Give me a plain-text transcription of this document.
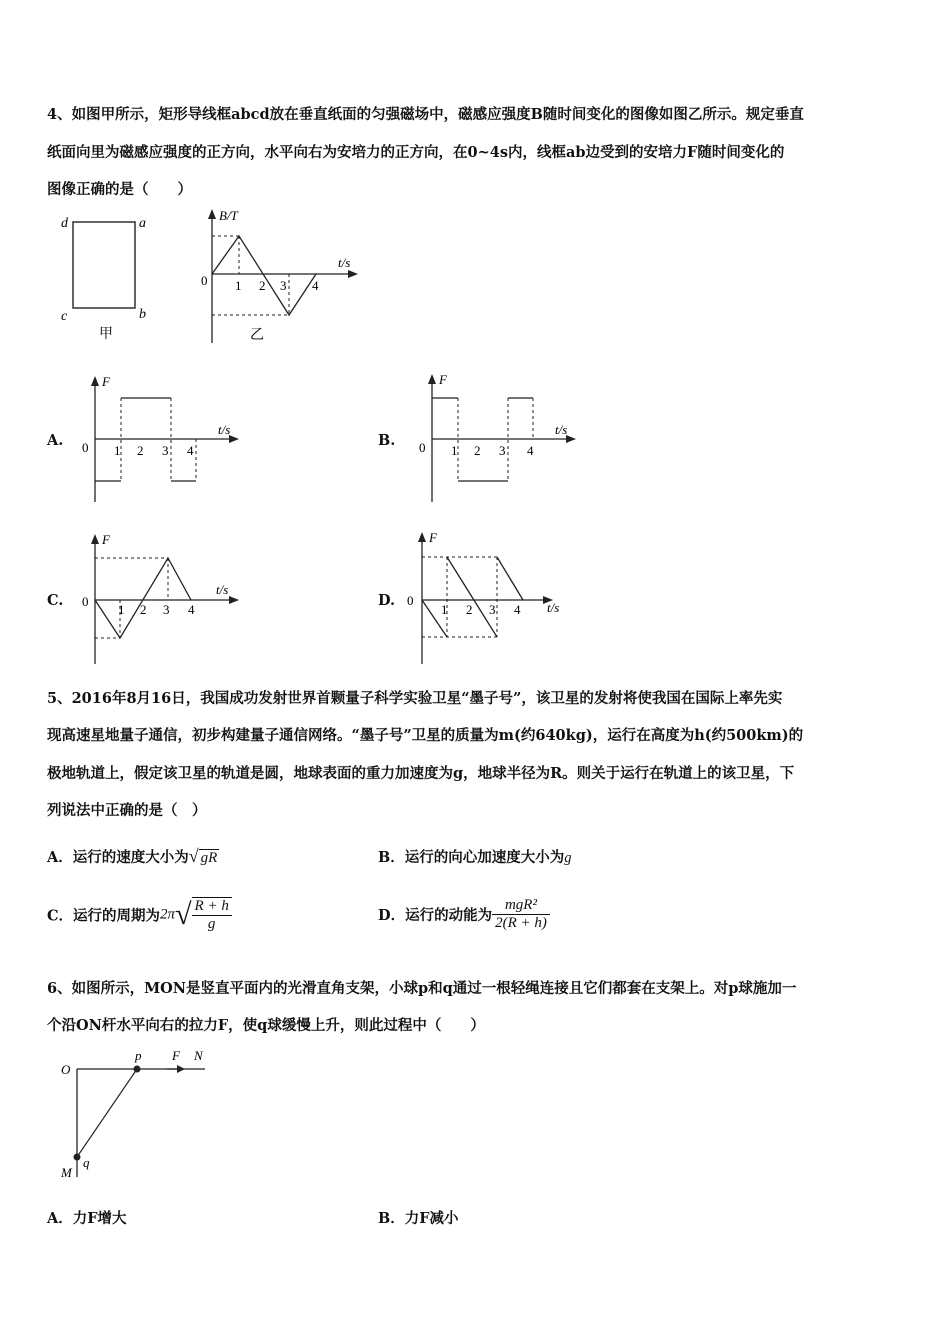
4、如图甲所示，矩形导线框abcd放在垂直纸面的匀强磁场中，磁感应强度B随时间变化的图像如图乙所示。规定垂直
纸面向里为磁感应强度的正方向，水平向右为安培力的正方向，在0~4s内，线框ab边受到的安培力F随时间变化的
图像正确的是（　　）
d	a
c	b
甲
B/T
t/s
0 1 2 3 4
乙
A.
F
t/s
0 1 2 3 4
B.
F
t/s
0 1 2 3 4
C.
F
t/s
0
1 2 3 4
D.
F
t/s
0
1 2 3 4
5、2016年8月16日，我国成功发射世界首颗量子科学实验卫星“墨子号”，该卫星的发射将使我国在国际上率先实
现高速星地量子通信，初步构建量子通信网络。“墨子号”卫星的质量为m(约640kg)，运行在高度为h(约500km)的
极地轨道上，假定该卫星的轨道是圆，地球表面的重力加速度为g，地球半径为R。则关于运行在轨道上的该卫星，下
列说法中正确的是（　）
A．运行的速度大小为√ gR	B．运行的向心加速度大小为g
C．运行的周期为$2\pi√ \frac{R + h}{g}$	D．运行的动能为 $\frac{\text{mgR²}}{2(R + h)}$
6、如图所示，MON是竖直平面内的光滑直角支架，小球p和q通过一根轻绳连接且它们都套在支架上。对p球施加一
个沿ON杆水平向右的拉力F，使q球缓慢上升，则此过程中（　　）
O
p F N
M
q
A．力F增大	B．力F减小
